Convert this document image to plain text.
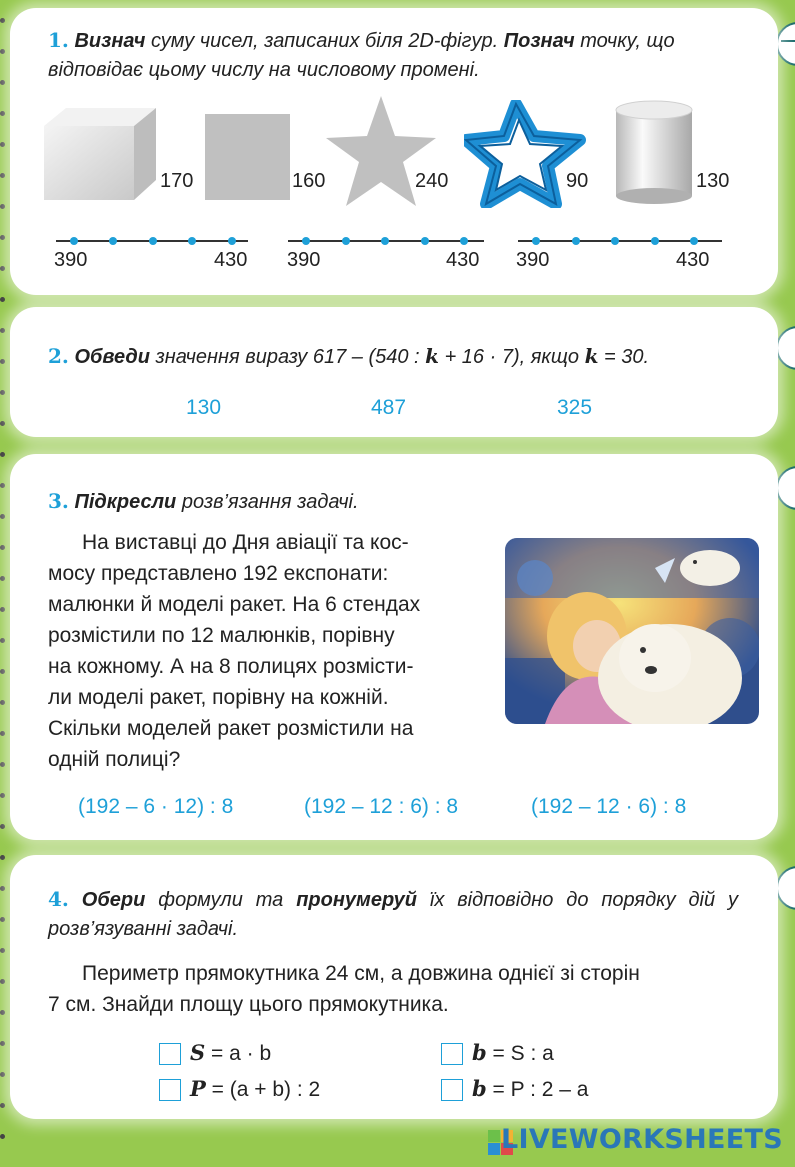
1. Визнач суму чисел, записаних біля 2D-фігур. Познач точку, що відповідає цьому числу на числовому промені.
170	160	240	90	130
390	430 390	430 390	430
2. Обведи значення виразу 617 – (540 : k + 16 · 7), якщо k = 30.
130	487	325
3. Підкресли розв’язання задачі.
На виставці до Дня авіації та кос-
мосу представлено 192 експонати:
малюнки й моделі ракет. На 6 стендах
розмістили по 12 малюнків, порівну
на кожному. А на 8 полицях розмісти-
ли моделі ракет, порівну на кожній.
Скільки моделей ракет розмістили на
одній полиці?
(192 – 6 · 12) : 8	(192 – 12 : 6) : 8	(192 – 12 · 6) : 8
4. Обери формули та пронумеруй їх відповідно до порядку дій у розв’язуванні задачі.
Периметр прямокутника 24 см, а довжина однієї зі сторін
7 см. Знайди площу цього прямокутника.
S = a · b	b = S : a
P = (a + b) : 2	b = P : 2 – a
LIVEWORKSHEETS
